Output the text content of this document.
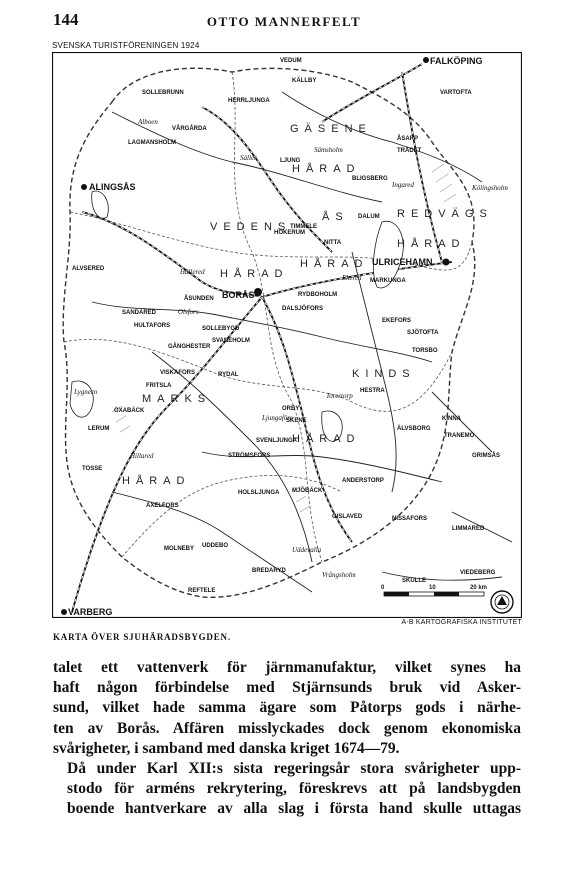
144	OTTO MANNERFELT
SVENSKA TURISTFÖRENINGEN 1924
GÄSENE
HÅRAD
VEDENS
ÅS	REDVÄGS
HÅRAD
HÅRAD
HÅRAD
KINDS
MARKS
HÅRAD
HÅRAD
FALKÖPING
ALINGSÅS
BORÅS
ULRICEHAMN
VARBERG
VEDUM
KÄLLBY
SOLLEBRUNN
HERRLJUNGA
VÅRGÅRDA
VARTOFTA
LAGMANSHOLM
ÅSARP
LJUNG
TRÄDET
BLIGSBERG
DALUM
TIMMELE
HÖKERUM
NITTA
MARKUNGA
ÅSUNDEN
SANDARED
HULTAFORS	SOLLEBYGD
RYDBOHOLM
DALSJÖFORS
GÅNGHESTER
SVANEHOLM
VISKAFORS	RYDAL
FRITSLA
ÖXABÄCK	ORBY
SKENE
SVENLJUNGA
STRÖMSFORS
AXELFORS
HOLSLJUNGA MJÖBÄCK
MOLNEBY
ÄLVSBORG
KINNA
TRANEMO
GRIMSÅS
HESTRA
NISSAFORS
LIMMARED
GISLAVED
ANDERSTORP
SJÖTOFTA
EKEFORS
TORSBO
VIEDEBERG
SKULLE
BREDARYD
REFTELE
UDDEBO
ALVSERED
TOSSE
LERUM
Alboen
Säller
Sämsholm
Ingared	Kölingsholm
Hällered
Olsfors
Ekered
Ljungaföre
Torestorp
Hillared
Uddevalla
Vrångsholm
Lygnern
0	10	20 km
A-B KARTOGRAFISKA INSTITUTET
KARTA ÖVER SJUHÄRADSBYGDEN.

talet ett vattenverk för järnmanufaktur, vilket synes ha
haft någon förbindelse med Stjärnsunds bruk vid Asker-
sund, vilket hade samma ägare som Påtorps gods i närhe-
ten av Borås. Affären misslyckades dock genom ekonomiska
svårigheter, i samband med danska kriget 1674—79.

Då under Karl XII:s sista regeringsår stora svårigheter upp-
stodo för arméns rekrytering, föreskrevs att på landsbygden
boende hantverkare av alla slag i första hand skulle uttagas
